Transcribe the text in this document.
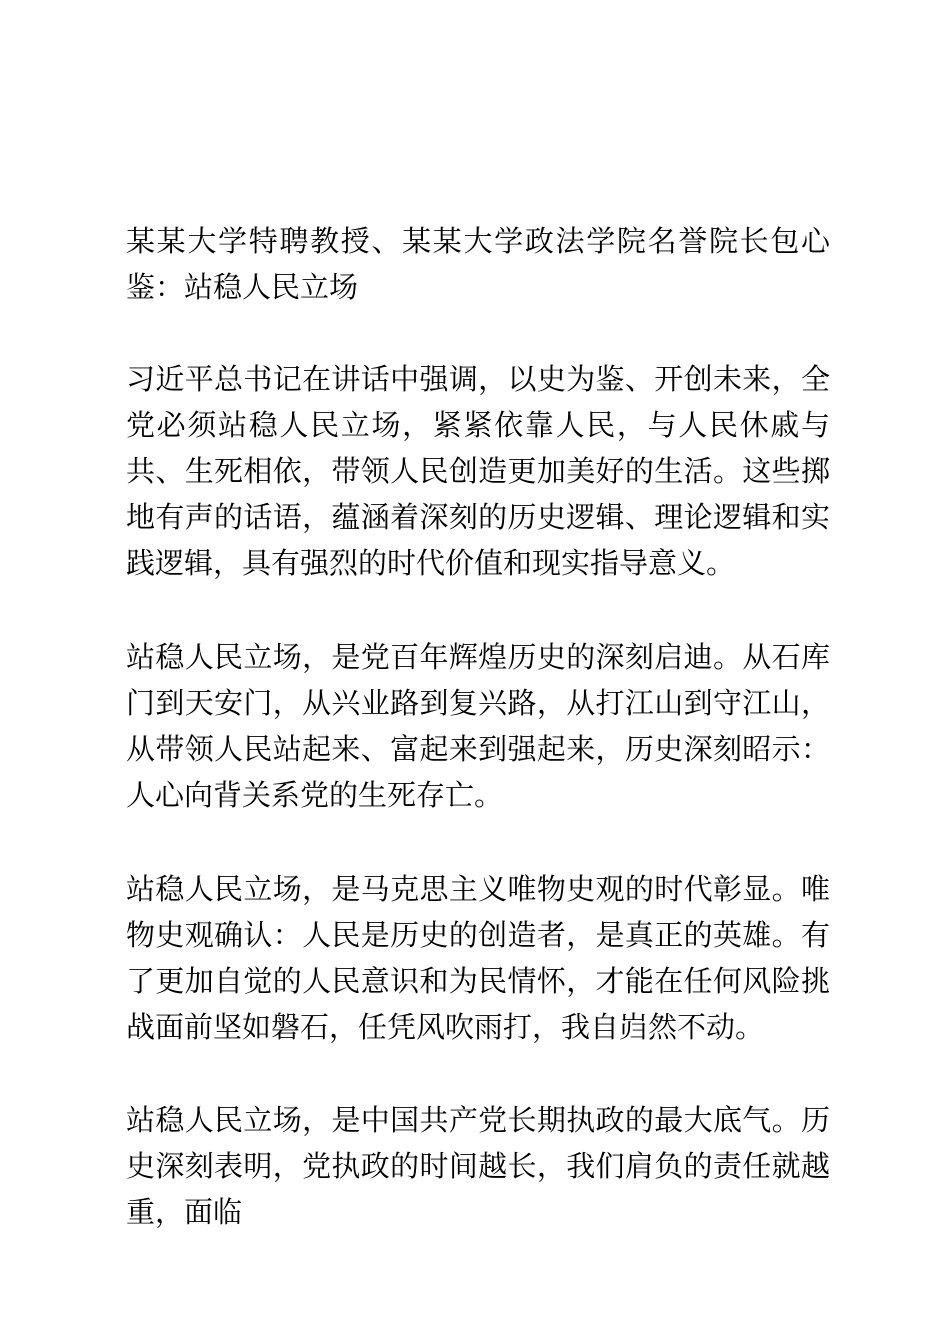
某某大学特聘教授、某某大学政法学院名誉院长包心鉴：站稳人民立场

习近平总书记在讲话中强调，以史为鉴、开创未来，全党必须站稳人民立场，紧紧依靠人民，与人民休戚与共、生死相依，带领人民创造更加美好的生活。这些掷地有声的话语，蕴涵着深刻的历史逻辑、理论逻辑和实践逻辑，具有强烈的时代价值和现实指导意义。

站稳人民立场，是党百年辉煌历史的深刻启迪。从石库门到天安门，从兴业路到复兴路，从打江山到守江山，从带领人民站起来、富起来到强起来，历史深刻昭示：人心向背关系党的生死存亡。

站稳人民立场，是马克思主义唯物史观的时代彰显。唯物史观确认：人民是历史的创造者，是真正的英雄。有了更加自觉的人民意识和为民情怀，才能在任何风险挑战面前坚如磐石，任凭风吹雨打，我自岿然不动。

站稳人民立场，是中国共产党长期执政的最大底气。历史深刻表明，党执政的时间越长，我们肩负的责任就越重，面临
